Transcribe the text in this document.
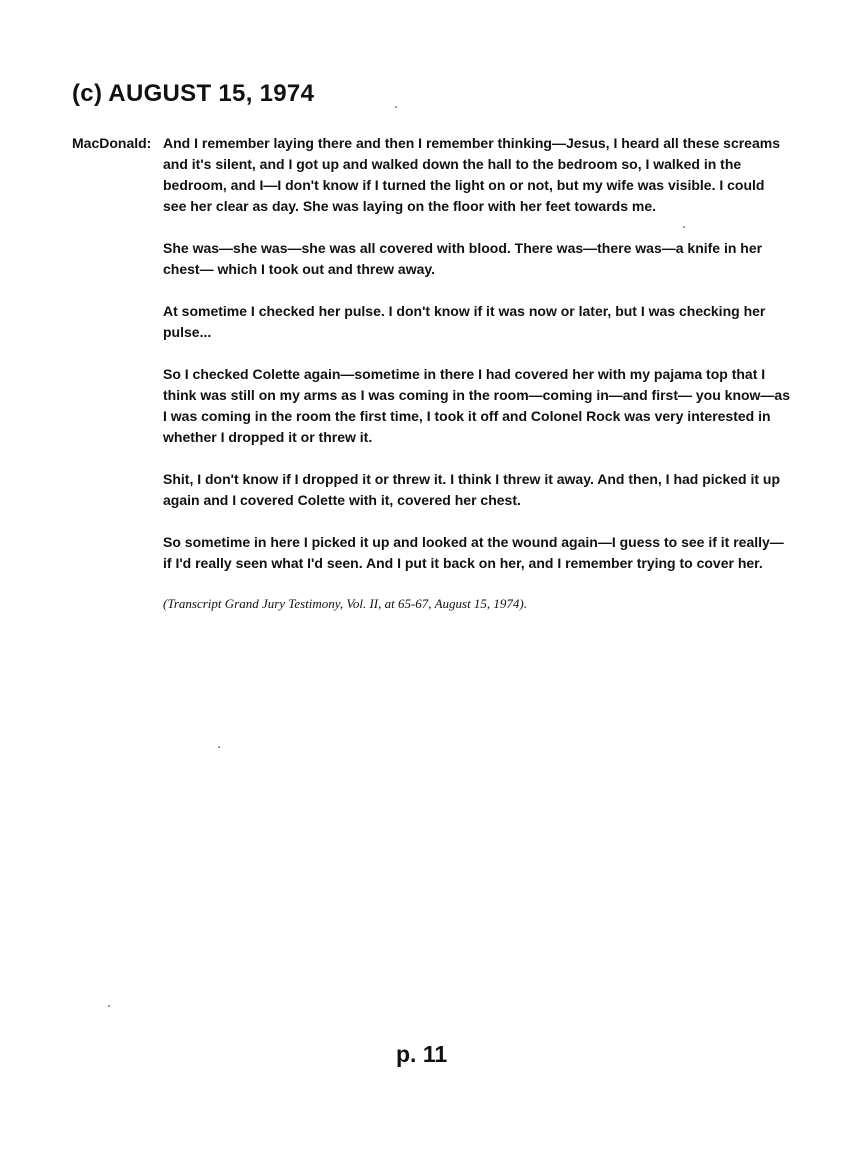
(c) AUGUST 15, 1974
MacDonald: And I remember laying there and then I remember thinking—Jesus, I heard all these screams and it's silent, and I got up and walked down the hall to the bedroom so, I walked in the bedroom, and I—I don't know if I turned the light on or not, but my wife was visible. I could see her clear as day. She was laying on the floor with her feet towards me.

She was—she was—she was all covered with blood. There was—there was—a knife in her chest— which I took out and threw away.

At sometime I checked her pulse. I don't know if it was now or later, but I was checking her pulse...

So I checked Colette again—sometime in there I had covered her with my pajama top that I think was still on my arms as I was coming in the room—coming in—and first— you know—as I was coming in the room the first time, I took it off and Colonel Rock was very interested in whether I dropped it or threw it.

Shit, I don't know if I dropped it or threw it. I think I threw it away. And then, I had picked it up again and I covered Colette with it, covered her chest.

So sometime in here I picked it up and looked at the wound again—I guess to see if it really—if I'd really seen what I'd seen. And I put it back on her, and I remember trying to cover her.

(Transcript Grand Jury Testimony, Vol. II, at 65-67, August 15, 1974).

p. 11
